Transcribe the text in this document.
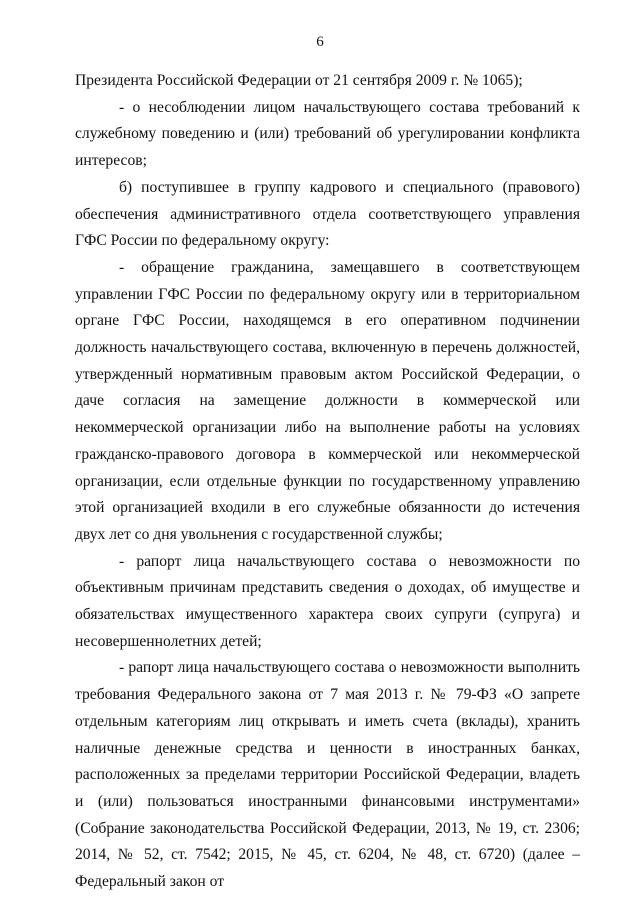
6

Президента Российской Федерации от 21 сентября 2009 г. № 1065);

- о несоблюдении лицом начальствующего состава требований к служебному поведению и (или) требований об урегулировании конфликта интересов;

б) поступившее в группу кадрового и специального (правового) обеспечения административного отдела соответствующего управления ГФС России по федеральному округу:

- обращение гражданина, замещавшего в соответствующем управлении ГФС России по федеральному округу или в территориальном органе ГФС России, находящемся в его оперативном подчинении должность начальствующего состава, включенную в перечень должностей, утвержденный нормативным правовым актом Российской Федерации, о даче согласия на замещение должности в коммерческой или некоммерческой организации либо на выполнение работы на условиях гражданско-правового договора в коммерческой или некоммерческой организации, если отдельные функции по государственному управлению этой организацией входили в его служебные обязанности до истечения двух лет со дня увольнения с государственной службы;

- рапорт лица начальствующего состава о невозможности по объективным причинам представить сведения о доходах, об имуществе и обязательствах имущественного характера своих супруги (супруга) и несовершеннолетних детей;

- рапорт лица начальствующего состава о невозможности выполнить требования Федерального закона от 7 мая 2013 г. № 79-ФЗ «О запрете отдельным категориям лиц открывать и иметь счета (вклады), хранить наличные денежные средства и ценности в иностранных банках, расположенных за пределами территории Российской Федерации, владеть и (или) пользоваться иностранными финансовыми инструментами» (Собрание законодательства Российской Федерации, 2013, № 19, ст. 2306; 2014, № 52, ст. 7542; 2015, № 45, ст. 6204, № 48, ст. 6720) (далее – Федеральный закон от
